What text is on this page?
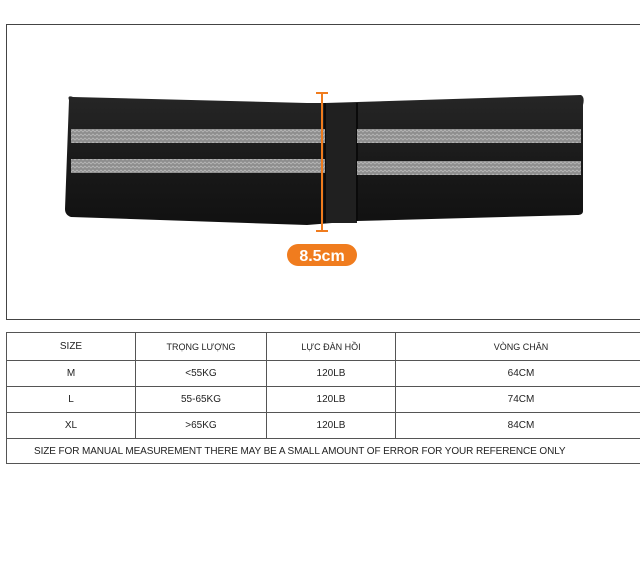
8.5cm
SIZE	TRỌNG LƯỢNG	LỰC ĐÀN HỒI	VÒNG CHÂN
M	<55KG	120LB	64CM
L	55-65KG	120LB	74CM
XL	>65KG	120LB	84CM
SIZE FOR MANUAL MEASUREMENT THERE MAY BE A SMALL AMOUNT OF ERROR FOR YOUR REFERENCE ONLY			
